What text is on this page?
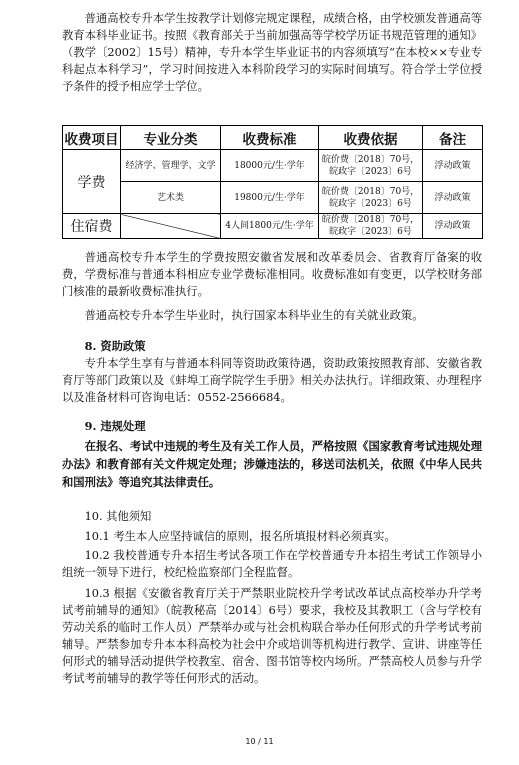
普通高校专升本学生按教学计划修完规定课程，成绩合格，由学校颁发普通高等教育本科毕业证书。按照《教育部关于当前加强高等学校学历证书规范管理的通知》（教学〔2002〕15号）精神，专升本学生毕业证书的内容须填写“在本校××专业专科起点本科学习”，学习时间按进入本科阶段学习的实际时间填写。符合学士学位授予条件的授予相应学士学位。

收费项目	专业分类	收费标准	收费依据	备注
学费	经济学、管理学、文学	18000元/生·学年	皖价费〔2018〕70号，
皖政字〔2023〕6号	浮动政策
	艺术类	19800元/生·学年	皖价费〔2018〕70号，
皖政字〔2023〕6号	浮动政策
住宿费		4人间1800元/生·学年	皖价费〔2018〕70号，
皖政字〔2023〕6号	浮动政策

普通高校专升本学生的学费按照安徽省发展和改革委员会、省教育厅备案的收费，学费标准与普通本科相应专业学费标准相同。收费标准如有变更，以学校财务部门核准的最新收费标准执行。

普通高校专升本学生毕业时，执行国家本科毕业生的有关就业政策。

8. 资助政策

专升本学生享有与普通本科同等资助政策待遇，资助政策按照教育部、安徽省教育厅等部门政策以及《蚌埠工商学院学生手册》相关办法执行。详细政策、办理程序以及准备材料可咨询电话：0552-2566684。

9. 违规处理

在报名、考试中违规的考生及有关工作人员，严格按照《国家教育考试违规处理办法》和教育部有关文件规定处理；涉嫌违法的，移送司法机关，依照《中华人民共和国刑法》等追究其法律责任。

10. 其他须知

10.1 考生本人应坚持诚信的原则，报名所填报材料必须真实。

10.2 我校普通专升本招生考试各项工作在学校普通专升本招生考试工作领导小组统一领导下进行，校纪检监察部门全程监督。

10.3 根据《安徽省教育厅关于严禁职业院校升学考试改革试点高校举办升学考试考前辅导的通知》（皖教秘高〔2014〕6号）要求，我校及其教职工（含与学校有劳动关系的临时工作人员）严禁举办或与社会机构联合举办任何形式的升学考试考前辅导。严禁参加专升本本科高校为社会中介或培训等机构进行教学、宣讲、讲座等任何形式的辅导活动提供学校教室、宿舍、图书馆等校内场所。严禁高校人员参与升学考试考前辅导的教学等任何形式的活动。

10 / 11
